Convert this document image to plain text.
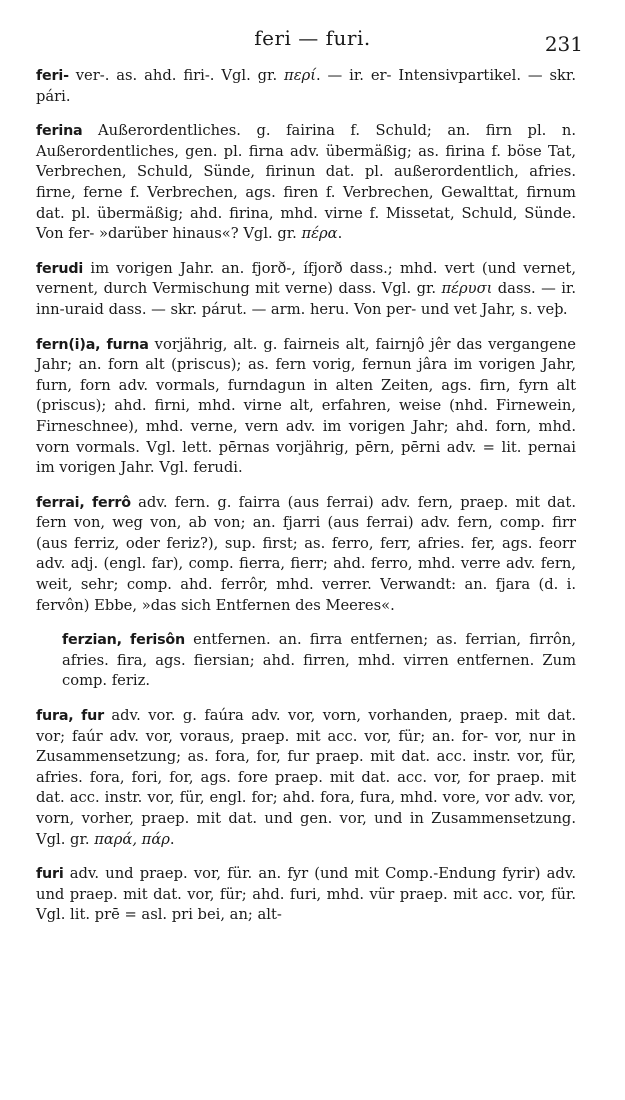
feri — furi.	231

feri- ver-. as. ahd. firi-. Vgl. gr. περί. — ir. er- Intensivpartikel. — skr. pári.

ferina Außerordentliches. g. fairina f. Schuld; an. firn pl. n. Außerordentliches, gen. pl. firna adv. übermäßig; as. firina f. böse Tat, Verbrechen, Schuld, Sünde, firinun dat. pl. außerordentlich, afries. firne, ferne f. Verbrechen, ags. firen f. Verbrechen, Gewalttat, firnum dat. pl. übermäßig; ahd. firina, mhd. virne f. Missetat, Schuld, Sünde. Von fer- »darüber hinaus«? Vgl. gr. πέρα.

ferudi im vorigen Jahr. an. fjorð-, ífjorð dass.; mhd. vert (und vernet, vernent, durch Vermischung mit verne) dass. Vgl. gr. πέρυσι dass. — ir. inn-uraid dass. — skr. párut. — arm. heru. Von per- und vet Jahr, s. veþ.

fern(i)a, furna vorjährig, alt. g. fairneis alt, fairnjô jêr das vergangene Jahr; an. forn alt (priscus); as. fern vorig, fernun jâra im vorigen Jahr, furn, forn adv. vormals, furndagun in alten Zeiten, ags. firn, fyrn alt (priscus); ahd. firni, mhd. virne alt, erfahren, weise (nhd. Firnewein, Firneschnee), mhd. verne, vern adv. im vorigen Jahr; ahd. forn, mhd. vorn vormals. Vgl. lett. pērnas vorjährig, pērn, pērni adv. = lit. pernai im vorigen Jahr. Vgl. ferudi.

ferrai, ferrô adv. fern. g. fairra (aus ferrai) adv. fern, praep. mit dat. fern von, weg von, ab von; an. fjarri (aus ferrai) adv. fern, comp. firr (aus ferriz, oder feriz?), sup. first; as. ferro, ferr, afries. fer, ags. feorr adv. adj. (engl. far), comp. fierra, fierr; ahd. ferro, mhd. verre adv. fern, weit, sehr; comp. ahd. ferrôr, mhd. verrer. Verwandt: an. fjara (d. i. fervôn) Ebbe, »das sich Entfernen des Meeres«.

ferzian, ferisôn entfernen. an. firra entfernen; as. ferrian, firrôn, afries. fira, ags. fiersian; ahd. firren, mhd. virren entfernen. Zum comp. feriz.

fura, fur adv. vor. g. faúra adv. vor, vorn, vorhanden, praep. mit dat. vor; faúr adv. vor, voraus, praep. mit acc. vor, für; an. for- vor, nur in Zusammensetzung; as. fora, for, fur praep. mit dat. acc. instr. vor, für, afries. fora, fori, for, ags. fore praep. mit dat. acc. vor, for praep. mit dat. acc. instr. vor, für, engl. for; ahd. fora, fura, mhd. vore, vor adv. vor, vorn, vorher, praep. mit dat. und gen. vor, und in Zusammensetzung. Vgl. gr. παρά, πάρ.

furi adv. und praep. vor, für. an. fyr (und mit Comp.-Endung fyrir) adv. und praep. mit dat. vor, für; ahd. furi, mhd. vür praep. mit acc. vor, für. Vgl. lit. prē = asl. pri bei, an; alt-
